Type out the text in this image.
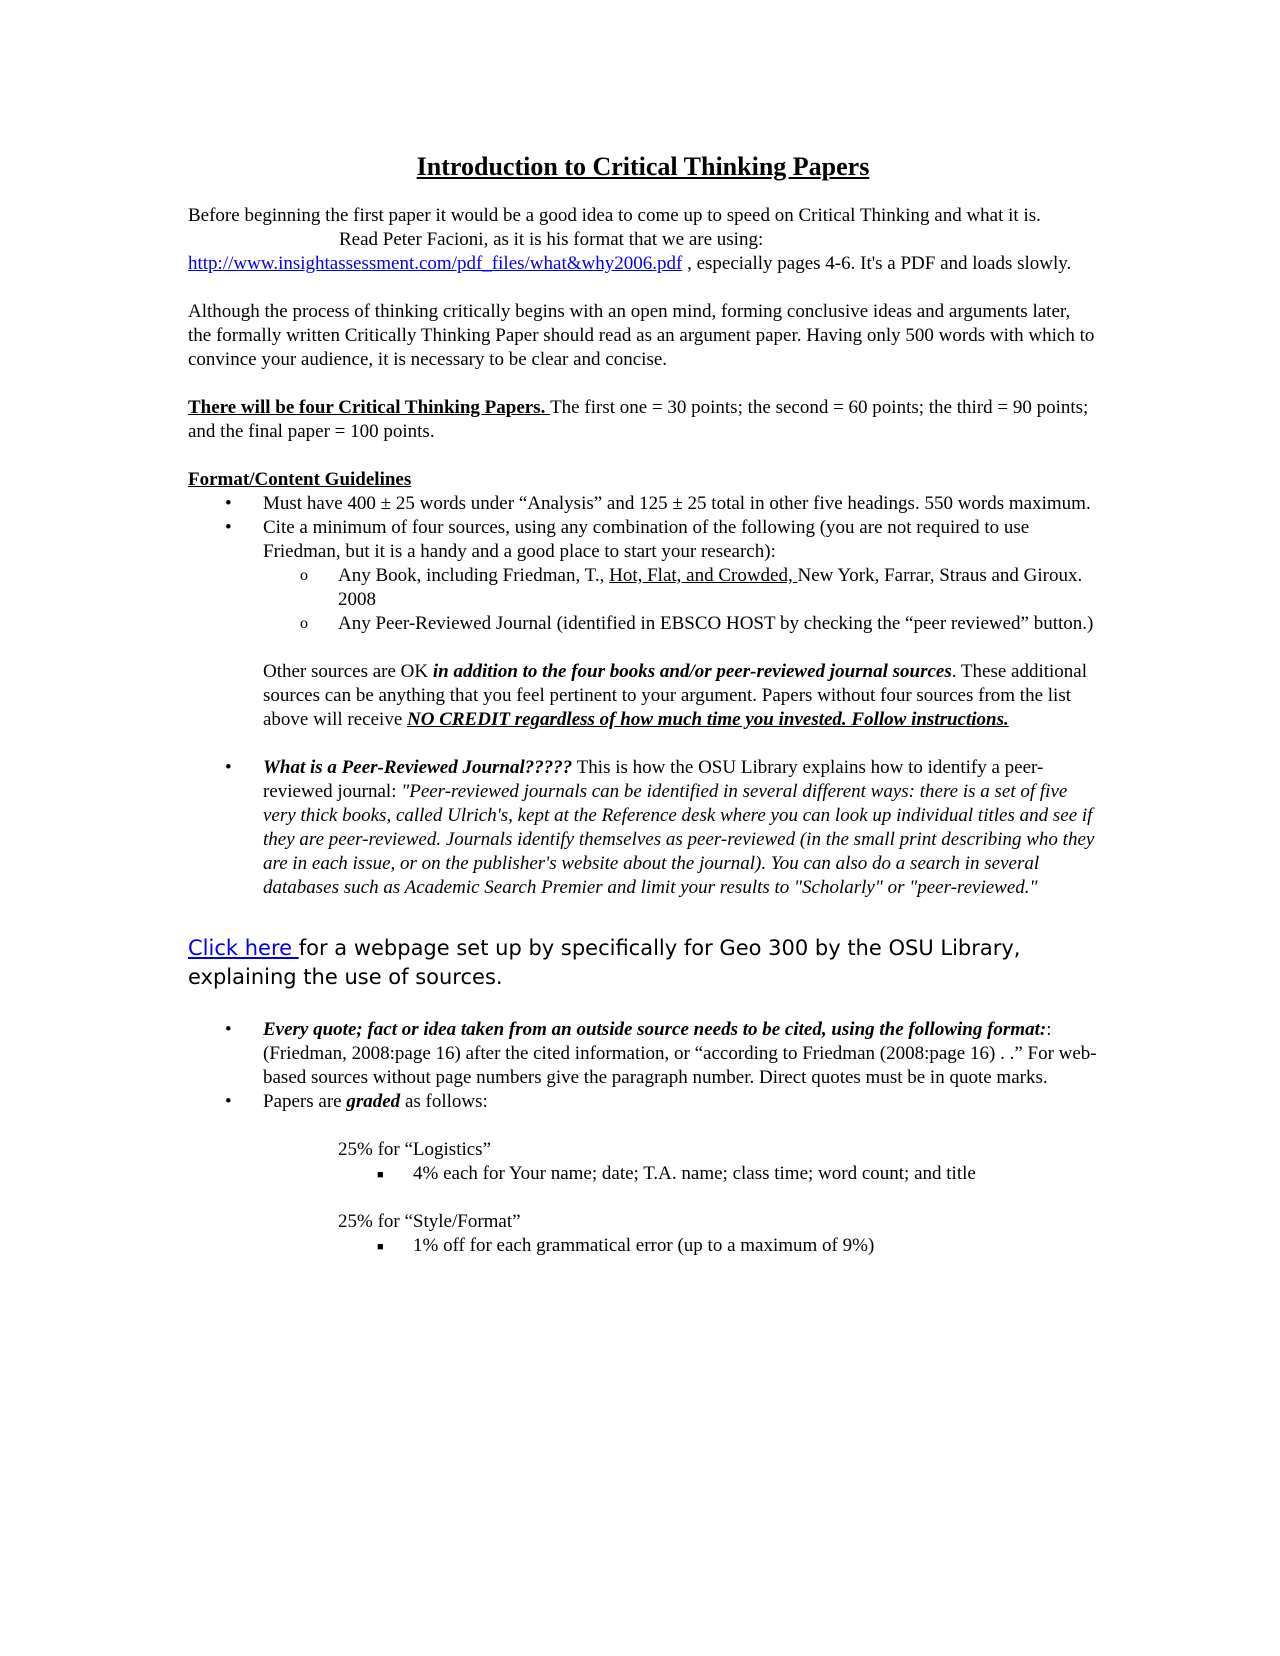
Introduction to Critical Thinking Papers

Before beginning the first paper it would be a good idea to come up to speed on Critical Thinking and what it is.

Read Peter Facioni, as it is his format that we are using:

http://www.insightassessment.com/pdf_files/what&why2006.pdf , especially pages 4-6. It's a PDF and loads slowly.

Although the process of thinking critically begins with an open mind, forming conclusive ideas and arguments later, the formally written Critically Thinking Paper should read as an argument paper. Having only 500 words with which to convince your audience, it is necessary to be clear and concise.

There will be four Critical Thinking Papers. The first one = 30 points; the second = 60 points; the third = 90 points; and the final paper = 100 points.

Format/Content Guidelines

• Must have 400 ± 25 words under “Analysis” and 125 ± 25 total in other five headings. 550 words maximum.
• Cite a minimum of four sources, using any combination of the following (you are not required to use Friedman, but it is a handy and a good place to start your research):
o Any Book, including Friedman, T., Hot, Flat, and Crowded, New York, Farrar, Straus and Giroux. 2008
o Any Peer-Reviewed Journal (identified in EBSCO HOST by checking the “peer reviewed” button.)

Other sources are OK in addition to the four books and/or peer-reviewed journal sources. These additional sources can be anything that you feel pertinent to your argument. Papers without four sources from the list above will receive NO CREDIT regardless of how much time you invested. Follow instructions.

• What is a Peer-Reviewed Journal????? This is how the OSU Library explains how to identify a peer-reviewed journal: "Peer-reviewed journals can be identified in several different ways: there is a set of five very thick books, called Ulrich's, kept at the Reference desk where you can look up individual titles and see if they are peer-reviewed. Journals identify themselves as peer-reviewed (in the small print describing who they are in each issue, or on the publisher's website about the journal). You can also do a search in several databases such as Academic Search Premier and limit your results to "Scholarly" or "peer-reviewed."

Click here for a webpage set up by specifically for Geo 300 by the OSU Library, explaining the use of sources.

• Every quote; fact or idea taken from an outside source needs to be cited, using the following format:: (Friedman, 2008:page 16) after the cited information, or “according to Friedman (2008:page 16) . .” For web-based sources without page numbers give the paragraph number. Direct quotes must be in quote marks.
• Papers are graded as follows:

25% for “Logistics”

■ 4% each for Your name; date; T.A. name; class time; word count; and title

25% for “Style/Format”

■ 1% off for each grammatical error (up to a maximum of 9%)
